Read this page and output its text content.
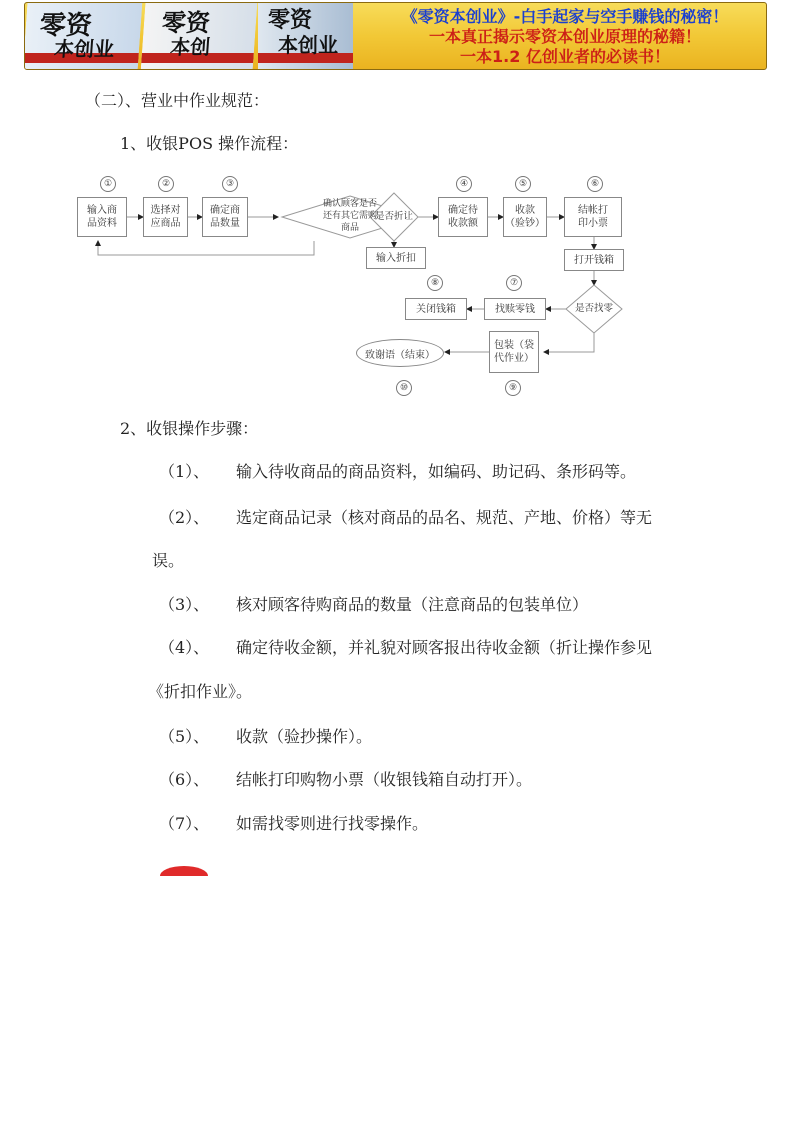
零资
本创业
零资
本创
零资
本创业
《零资本创业》-白手起家与空手赚钱的秘密！
一本真正揭示零资本创业原理的秘籍！
一本1.2 亿创业者的必读书！
（二）、营业中作业规范：
1、收银POS 操作流程：
①	②	③	④	⑤	⑥
⑦
⑧
⑨
⑩
输入商
品资料
选择对
应商品
确定商
品数量
确认顾客是否
还有其它需购
商品
是否折让
输入折扣
确定待
收款额
收款
（验钞）
结帐打
印小票
打开钱箱
是否找零
找赎零钱
关闭钱箱
包装（袋
代作业）
致谢语（结束）
2、收银操作步骤：
（1）、 输入待收商品的商品资料，如编码、助记码、条形码等。
（2）、 选定商品记录（核对商品的品名、规范、产地、价格）等无
误。
（3）、 核对顾客待购商品的数量（注意商品的包装单位）
（4）、 确定待收金额，并礼貌对顾客报出待收金额（折让操作参见
《折扣作业》。
（5）、 收款（验抄操作）。
（6）、 结帐打印购物小票（收银钱箱自动打开）。
（7）、 如需找零则进行找零操作。
